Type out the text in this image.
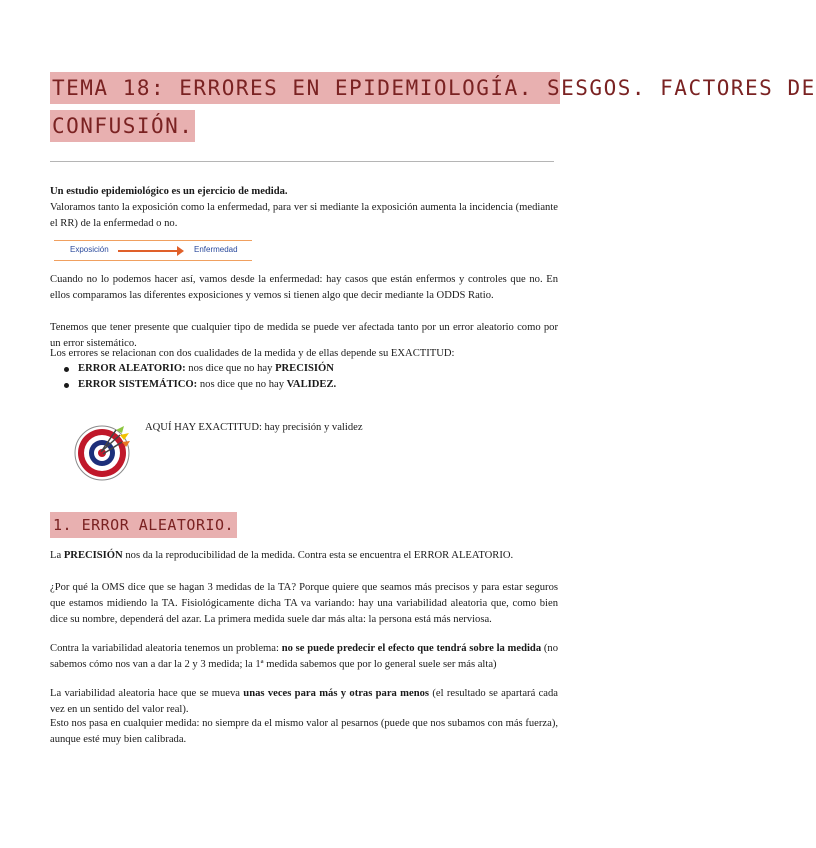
TEMA 18: ERRORES EN EPIDEMIOLOGÍA. SESGOS. FACTORES DE
CONFUSIÓN.

Un estudio epidemiológico es un ejercicio de medida.
Valoramos tanto la exposición como la enfermedad, para ver si mediante la exposición aumenta la incidencia (mediante el RR) de la enfermedad o no.

Exposición	Enfermedad

Cuando no lo podemos hacer así, vamos desde la enfermedad: hay casos que están enfermos y controles que no. En ellos comparamos las diferentes exposiciones y vemos si tienen algo que decir mediante la ODDS Ratio.

Tenemos que tener presente que cualquier tipo de medida se puede ver afectada tanto por un error aleatorio como por un error sistemático.

Los errores se relacionan con dos cualidades de la medida y de ellas depende su EXACTITUD:

ERROR ALEATORIO: nos dice que no hay PRECISIÓN
ERROR SISTEMÁTICO: nos dice que no hay VALIDEZ.
AQUÍ HAY EXACTITUD: hay precisión y validez
1. ERROR ALEATORIO.

La PRECISIÓN nos da la reproducibilidad de la medida. Contra esta se encuentra el ERROR ALEATORIO.

¿Por qué la OMS dice que se hagan 3 medidas de la TA? Porque quiere que seamos más precisos y para estar seguros que estamos midiendo la TA. Fisiológicamente dicha TA va variando: hay una variabilidad aleatoria que, como bien dice su nombre, dependerá del azar. La primera medida suele dar más alta: la persona está más nerviosa.

Contra la variabilidad aleatoria tenemos un problema: no se puede predecir el efecto que tendrá sobre la medida (no sabemos cómo nos van a dar la 2 y 3 medida; la 1ª medida sabemos que por lo general suele ser más alta)

La variabilidad aleatoria hace que se mueva unas veces para más y otras para menos (el resultado se apartará cada vez en un sentido del valor real).

Esto nos pasa en cualquier medida: no siempre da el mismo valor al pesarnos (puede que nos subamos con más fuerza), aunque esté muy bien calibrada.
